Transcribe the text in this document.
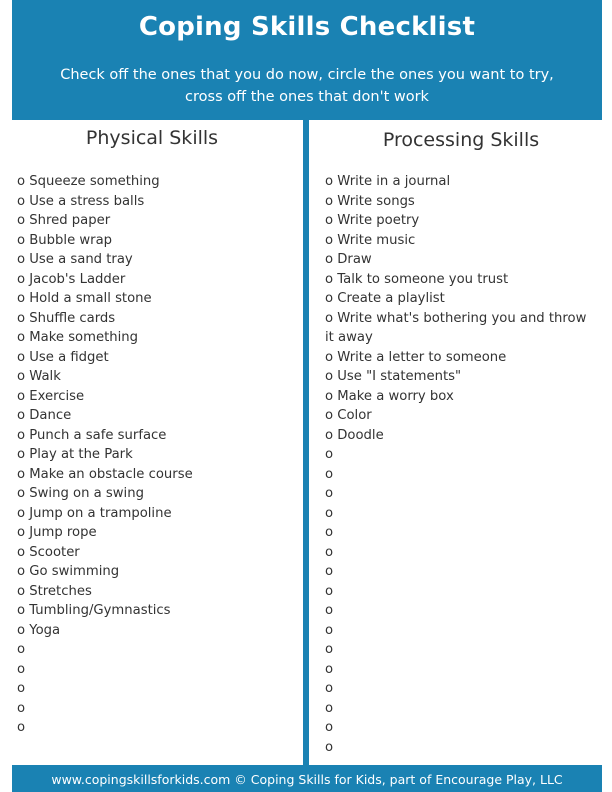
Coping Skills Checklist
Check off the ones that you do now, circle the ones you want to try,
cross off the ones that don't work
Physical Skills	Processing Skills
o Squeeze something
o Use a stress balls
o Shred paper
o Bubble wrap
o Use a sand tray
o Jacob's Ladder
o Hold a small stone
o Shuffle cards
o Make something
o Use a fidget
o Walk
o Exercise
o Dance
o Punch a safe surface
o Play at the Park
o Make an obstacle course
o Swing on a swing
o Jump on a trampoline
o Jump rope
o Scooter
o Go swimming
o Stretches
o Tumbling/Gymnastics
o Yoga
o
o
o
o
o
o Write in a journal
o Write songs
o Write poetry
o Write music
o Draw
o Talk to someone you trust
o Create a playlist
o Write what's bothering you and throw it away
o Write a letter to someone
o Use "I statements"
o Make a worry box
o Color
o Doodle
o
o
o
o
o
o
o
o
o
o
o
o
o
o
o
o
www.copingskillsforkids.com © Coping Skills for Kids, part of Encourage Play, LLC
